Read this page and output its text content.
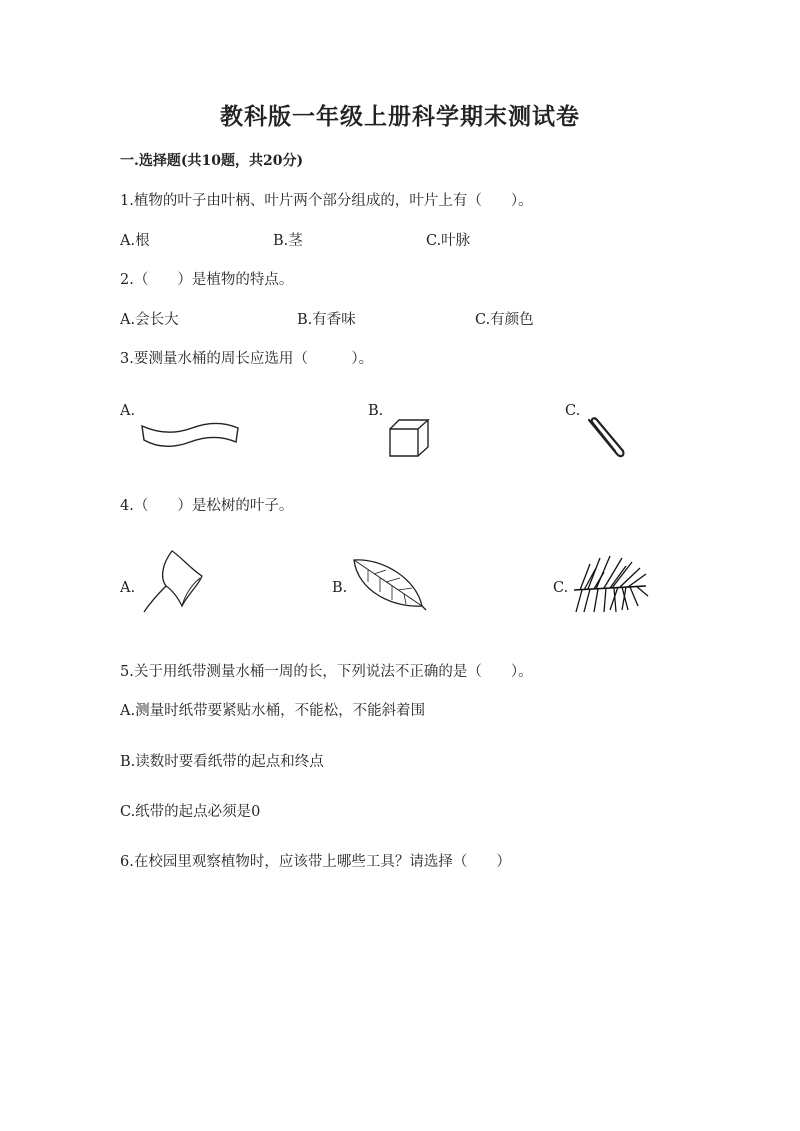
教科版一年级上册科学期末测试卷
一.选择题(共10题，共20分)
1.植物的叶子由叶柄、叶片两个部分组成的，叶片上有（　　）。
A.根	B.茎	C.叶脉
2.（　　）是植物的特点。
A.会长大	B.有香味	C.有颜色
3.要测量水桶的周长应选用（　　　）。
A.	B.	C.
4.（　　）是松树的叶子。
A.	B.	C.
5.关于用纸带测量水桶一周的长，下列说法不正确的是（　　）。
A.测量时纸带要紧贴水桶，不能松，不能斜着围
B.读数时要看纸带的起点和终点
C.纸带的起点必须是0
6.在校园里观察植物时，应该带上哪些工具？请选择（　　）
